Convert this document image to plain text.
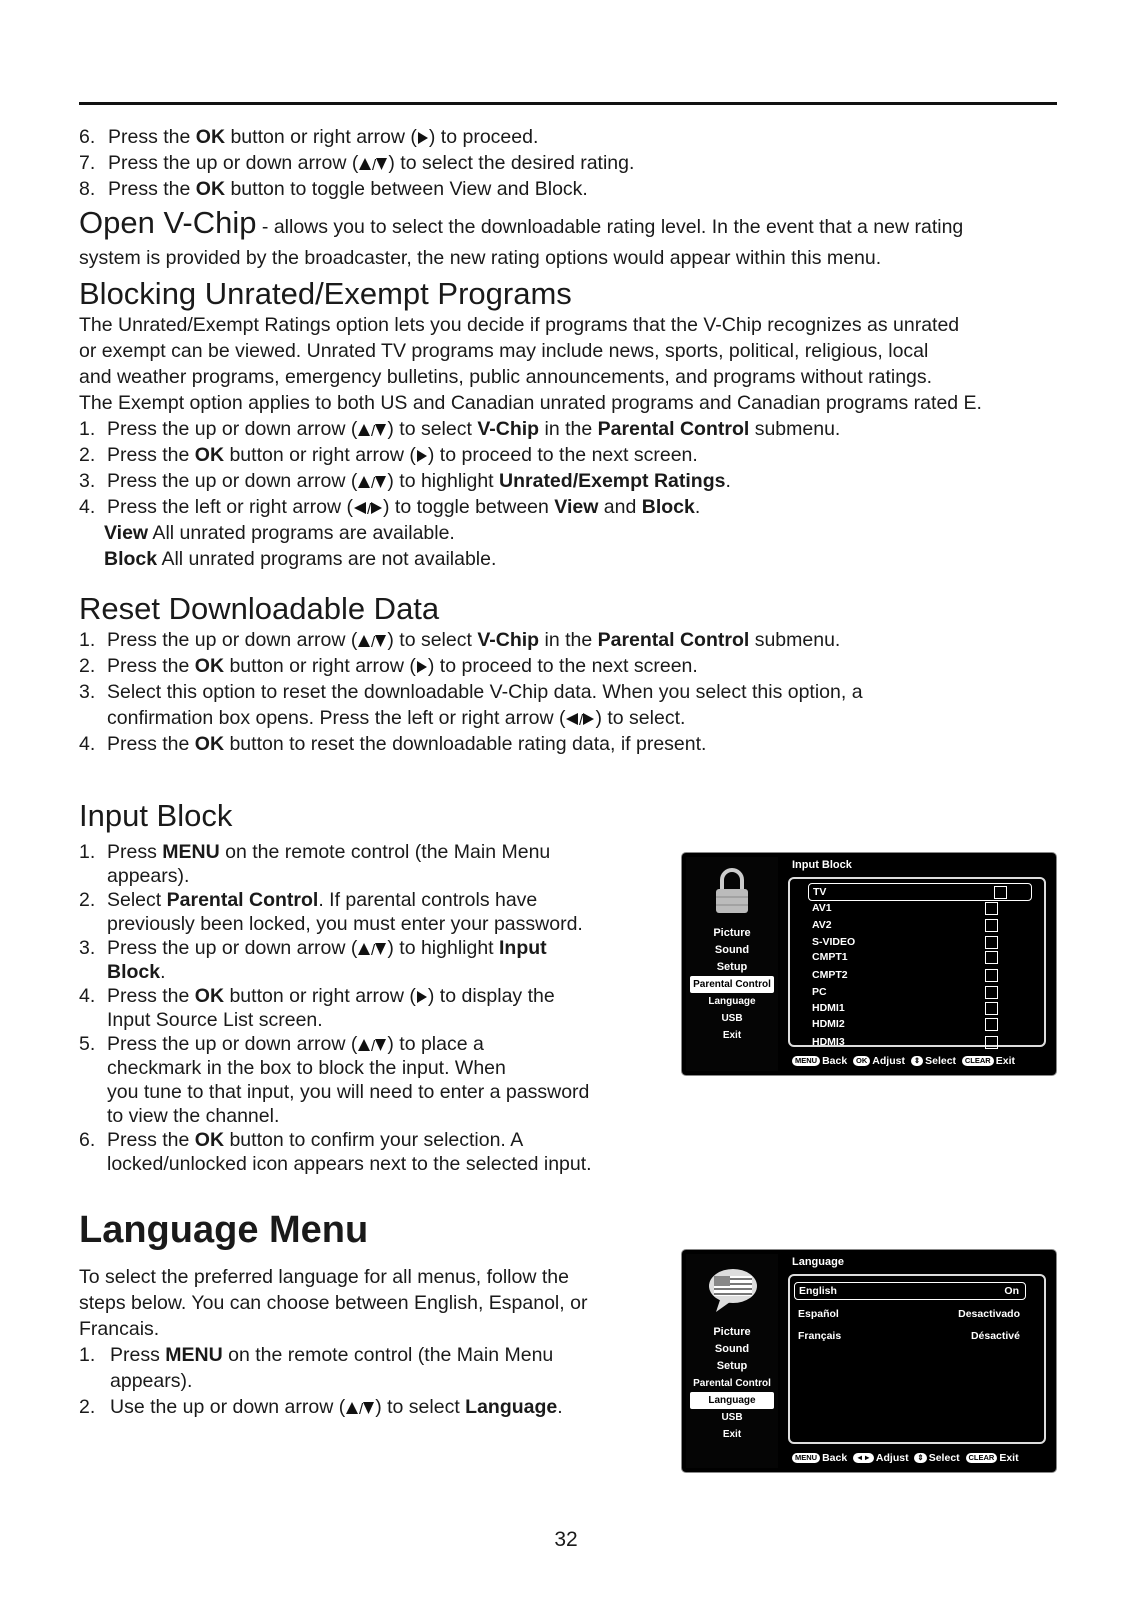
6. Press the OK button or right arrow ( ) to proceed.
7. Press the up or down arrow ( / ) to select the desired rating.
8. Press the OK button to toggle between View and Block.
Open V-Chip - allows you to select the downloadable rating level. In the event that a new rating
system is provided by the broadcaster, the new rating options would appear within this menu.
Blocking Unrated/Exempt Programs
The Unrated/Exempt Ratings option lets you decide if programs that the V-Chip recognizes as unrated
or exempt can be viewed. Unrated TV programs may include news, sports, political, religious, local
and weather programs, emergency bulletins, public announcements, and programs without ratings.
The Exempt option applies to both US and Canadian unrated programs and Canadian programs rated E.
1. Press the up or down arrow ( / ) to select V-Chip in the Parental Control submenu.
2. Press the OK button or right arrow ( ) to proceed to the next screen.
3. Press the up or down arrow ( / ) to highlight Unrated/Exempt Ratings.
4. Press the left or right arrow ( / ) to toggle between View and Block.
View All unrated programs are available.
Block All unrated programs are not available.
Reset Downloadable Data
1. Press the up or down arrow ( / ) to select V-Chip in the Parental Control submenu.
2. Press the OK button or right arrow ( ) to proceed to the next screen.
3. Select this option to reset the downloadable V-Chip data. When you select this option, a
confirmation box opens. Press the left or right arrow ( / ) to select.
4. Press the OK button to reset the downloadable rating data, if present.
Input Block
1. Press MENU on the remote control (the Main Menu
appears).
2. Select Parental Control. If parental controls have
previously been locked, you must enter your password.
3. Press the up or down arrow ( / ) to highlight Input
Block.
4. Press the OK button or right arrow ( ) to display the
Input Source List screen.
5. Press the up or down arrow ( / ) to place a
checkmark in the box to block the input. When
you tune to that input, you will need to enter a password
to view the channel.
6. Press the OK button to confirm your selection. A
locked/unlocked icon appears next to the selected input.
Picture
Sound
Setup
Parental Control
Language
USB
Exit
Input Block
TV
AV1
AV2
S-VIDEO
CMPT1
CMPT2
PC
HDMI1
HDMI2
HDMI3
MENU Back OK Adjust ⇕ Select CLEAR Exit
Language Menu
To select the preferred language for all menus, follow the
steps below. You can choose between English, Espanol, or
Francais.
1. Press MENU on the remote control (the Main Menu
appears).
2. Use the up or down arrow ( / ) to select Language.
Picture
Sound
Setup
Parental Control
Language
USB
Exit
Language
English	On
Español	Desactivado
Français	Désactivé
MENU Back ◄► Adjust ⇕ Select CLEAR Exit
32
